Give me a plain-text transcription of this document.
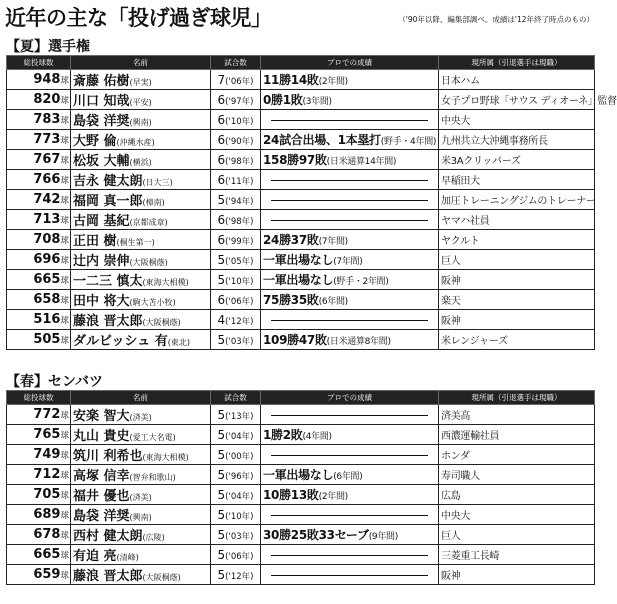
近年の主な「投げ過ぎ球児」	（'90年以降、編集部調べ。成績は'12年終了時点のもの）
【夏】選手権
総投球数	名前	試合数	プロでの成績	現所属（引退選手は現職）
948球	斎藤 佑樹(早実)	7('06年)	11勝14敗(2年間)	日本ハム
820球	川口 知哉(平安)	6('97年)	0勝1敗(3年間)	女子プロ野球「サウス ディオーネ」監督
783球	島袋 洋奨(興南)	6('10年)		中央大
773球	大野 倫(沖縄水産)	6('90年)	24試合出場、1本塁打(野手・4年間)	九州共立大沖縄事務所長
767球	松坂 大輔(横浜)	6('98年)	158勝97敗(日米通算14年間)	米3Aクリッパーズ
766球	吉永 健太朗(日大三)	6('11年)		早稲田大
742球	福岡 真一郎(樟南)	5('94年)		加圧トレーニングジムのトレーナー
713球	古岡 基紀(京都成章)	6('98年)		ヤマハ社員
708球	正田 樹(桐生第一)	6('99年)	24勝37敗(7年間)	ヤクルト
696球	辻内 崇伸(大阪桐蔭)	5('05年)	一軍出場なし(7年間)	巨人
665球	一二三 慎太(東海大相模)	5('10年)	一軍出場なし(野手・2年間)	阪神
658球	田中 将大(駒大苫小牧)	6('06年)	75勝35敗(6年間)	楽天
516球	藤浪 晋太郎(大阪桐蔭)	4('12年)		阪神
505球	ダルビッシュ 有(東北)	5('03年)	109勝47敗(日米通算8年間)	米レンジャーズ
【春】センバツ
総投球数	名前	試合数	プロでの成績	現所属（引退選手は現職）
772球	安楽 智大(済美)	5('13年)		済美高
765球	丸山 貴史(愛工大名電)	5('04年)	1勝2敗(4年間)	西濃運輸社員
749球	筑川 利希也(東海大相模)	5('00年)		ホンダ
712球	高塚 信幸(智弁和歌山)	5('96年)	一軍出場なし(6年間)	寿司職人
705球	福井 優也(済美)	5('04年)	10勝13敗(2年間)	広島
689球	島袋 洋奨(興南)	5('10年)		中央大
678球	西村 健太朗(広陵)	5('03年)	30勝25敗33セーブ(9年間)	巨人
665球	有迫 亮(清峰)	5('06年)		三菱重工長崎
659球	藤浪 晋太郎(大阪桐蔭)	5('12年)		阪神
